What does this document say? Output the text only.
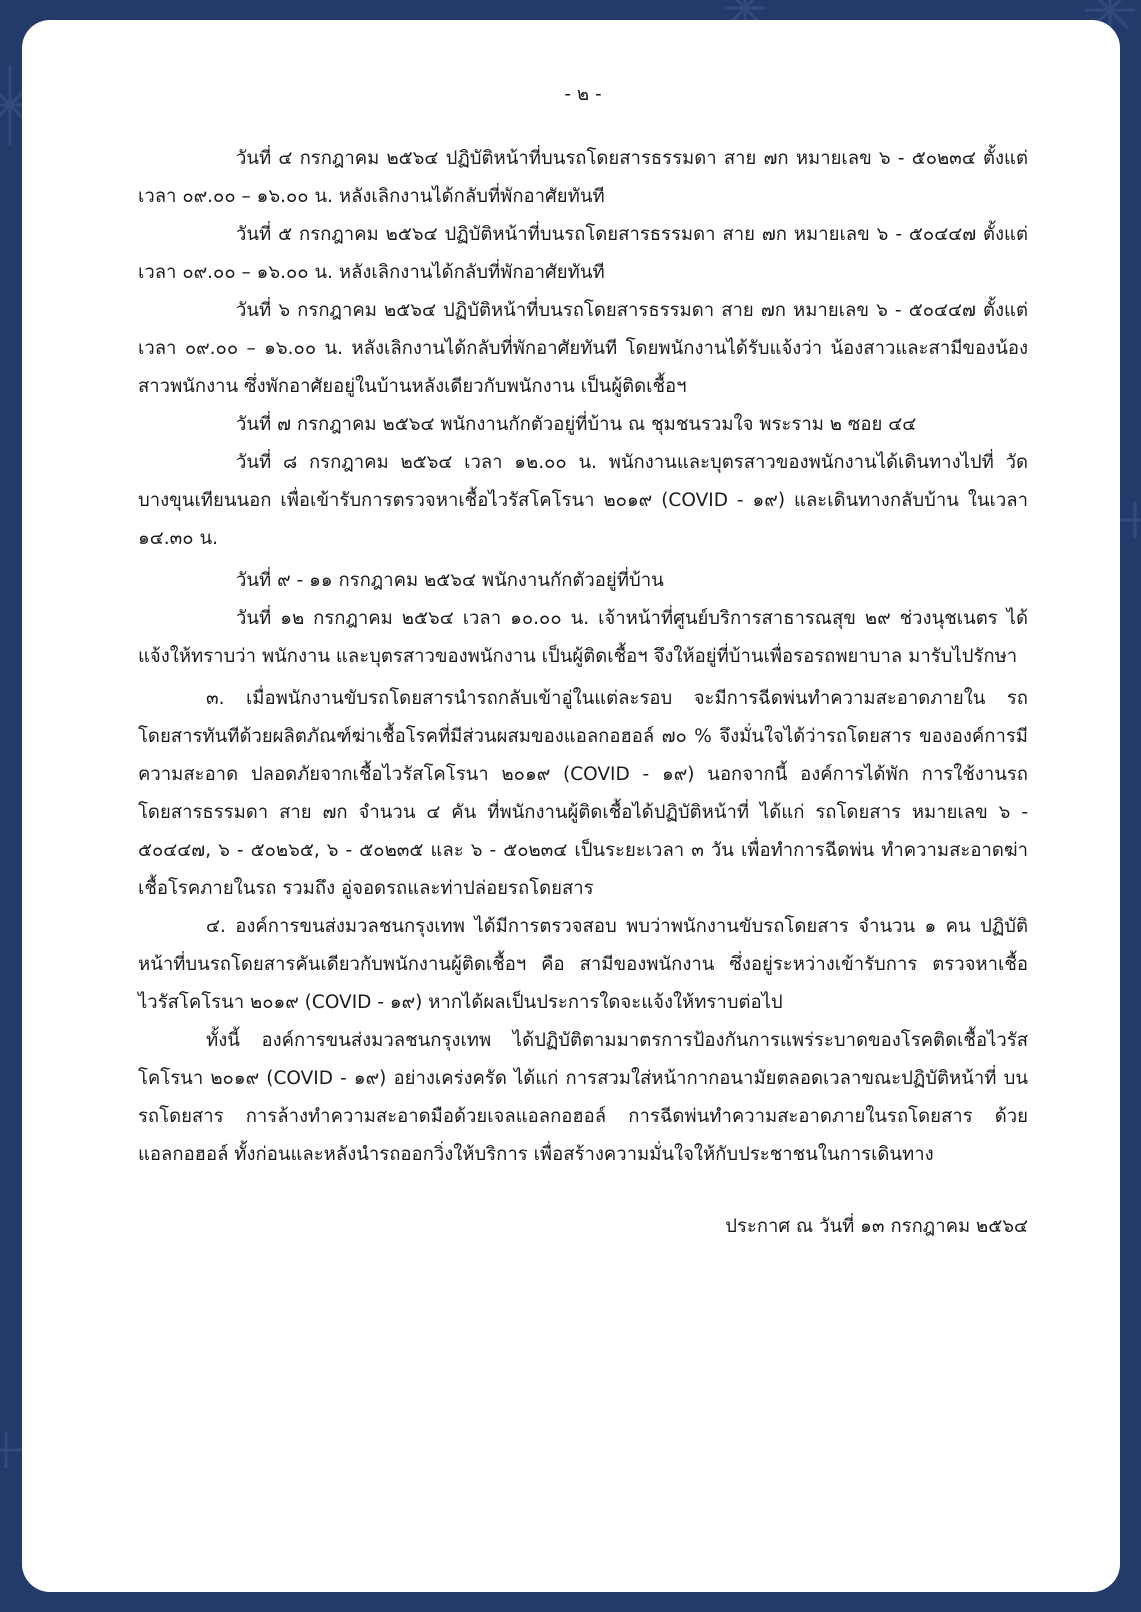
- ๒ -

วันที่ ๔ กรกฎาคม ๒๕๖๔ ปฏิบัติหน้าที่บนรถโดยสารธรรมดา สาย ๗ก หมายเลข ๖ - ๕๐๒๓๔ ตั้งแต่เวลา ๐๙.๐๐ – ๑๖.๐๐ น. หลังเลิกงานได้กลับที่พักอาศัยทันที

วันที่ ๕ กรกฎาคม ๒๕๖๔ ปฏิบัติหน้าที่บนรถโดยสารธรรมดา สาย ๗ก หมายเลข ๖ - ๕๐๔๔๗ ตั้งแต่เวลา ๐๙.๐๐ – ๑๖.๐๐ น. หลังเลิกงานได้กลับที่พักอาศัยทันที

วันที่ ๖ กรกฎาคม ๒๕๖๔ ปฏิบัติหน้าที่บนรถโดยสารธรรมดา สาย ๗ก หมายเลข ๖ - ๕๐๔๔๗ ตั้งแต่เวลา ๐๙.๐๐ – ๑๖.๐๐ น. หลังเลิกงานได้กลับที่พักอาศัยทันที โดยพนักงานได้รับแจ้งว่า น้องสาวและสามีของน้องสาวพนักงาน ซึ่งพักอาศัยอยู่ในบ้านหลังเดียวกับพนักงาน เป็นผู้ติดเชื้อฯ

วันที่ ๗ กรกฎาคม ๒๕๖๔ พนักงานกักตัวอยู่ที่บ้าน ณ ชุมชนรวมใจ พระราม ๒ ซอย ๔๔

วันที่ ๘ กรกฎาคม ๒๕๖๔ เวลา ๑๒.๐๐ น. พนักงานและบุตรสาวของพนักงานได้เดินทางไปที่ วัดบางขุนเทียนนอก เพื่อเข้ารับการตรวจหาเชื้อไวรัสโคโรนา ๒๐๑๙ (COVID - ๑๙) และเดินทางกลับบ้าน ในเวลา ๑๔.๓๐ น.

วันที่ ๙ - ๑๑ กรกฎาคม ๒๕๖๔ พนักงานกักตัวอยู่ที่บ้าน

วันที่ ๑๒ กรกฎาคม ๒๕๖๔ เวลา ๑๐.๐๐ น. เจ้าหน้าที่ศูนย์บริการสาธารณสุข ๒๙ ช่วงนุชเนตร ได้แจ้งให้ทราบว่า พนักงาน และบุตรสาวของพนักงาน เป็นผู้ติดเชื้อฯ จึงให้อยู่ที่บ้านเพื่อรอรถพยาบาล มารับไปรักษา

๓. เมื่อพนักงานขับรถโดยสารนำรถกลับเข้าอู่ในแต่ละรอบ จะมีการฉีดพ่นทำความสะอาดภายใน รถโดยสารทันทีด้วยผลิตภัณฑ์ฆ่าเชื้อโรคที่มีส่วนผสมของแอลกอฮอล์ ๗๐ % จึงมั่นใจได้ว่ารถโดยสาร ขององค์การมีความสะอาด ปลอดภัยจากเชื้อไวรัสโคโรนา ๒๐๑๙ (COVID - ๑๙) นอกจากนี้ องค์การได้พัก การใช้งานรถโดยสารธรรมดา สาย ๗ก จำนวน ๔ คัน ที่พนักงานผู้ติดเชื้อได้ปฏิบัติหน้าที่ ได้แก่ รถโดยสาร หมายเลข ๖ - ๕๐๔๔๗, ๖ - ๕๐๒๖๕, ๖ - ๕๐๒๓๕ และ ๖ - ๕๐๒๓๔ เป็นระยะเวลา ๓ วัน เพื่อทำการฉีดพ่น ทำความสะอาดฆ่าเชื้อโรคภายในรถ รวมถึง อู่จอดรถและท่าปล่อยรถโดยสาร

๔. องค์การขนส่งมวลชนกรุงเทพ ได้มีการตรวจสอบ พบว่าพนักงานขับรถโดยสาร จำนวน ๑ คน ปฏิบัติหน้าที่บนรถโดยสารคันเดียวกับพนักงานผู้ติดเชื้อฯ คือ สามีของพนักงาน ซึ่งอยู่ระหว่างเข้ารับการ ตรวจหาเชื้อไวรัสโคโรนา ๒๐๑๙ (COVID - ๑๙) หากได้ผลเป็นประการใดจะแจ้งให้ทราบต่อไป

ทั้งนี้ องค์การขนส่งมวลชนกรุงเทพ ได้ปฏิบัติตามมาตรการป้องกันการแพร่ระบาดของโรคติดเชื้อไวรัส โคโรนา ๒๐๑๙ (COVID - ๑๙) อย่างเคร่งครัด ได้แก่ การสวมใส่หน้ากากอนามัยตลอดเวลาขณะปฏิบัติหน้าที่ บนรถโดยสาร การล้างทำความสะอาดมือด้วยเจลแอลกอฮอล์ การฉีดพ่นทำความสะอาดภายในรถโดยสาร ด้วยแอลกอฮอล์ ทั้งก่อนและหลังนำรถออกวิ่งให้บริการ เพื่อสร้างความมั่นใจให้กับประชาชนในการเดินทาง

ประกาศ ณ วันที่ ๑๓ กรกฎาคม ๒๕๖๔
